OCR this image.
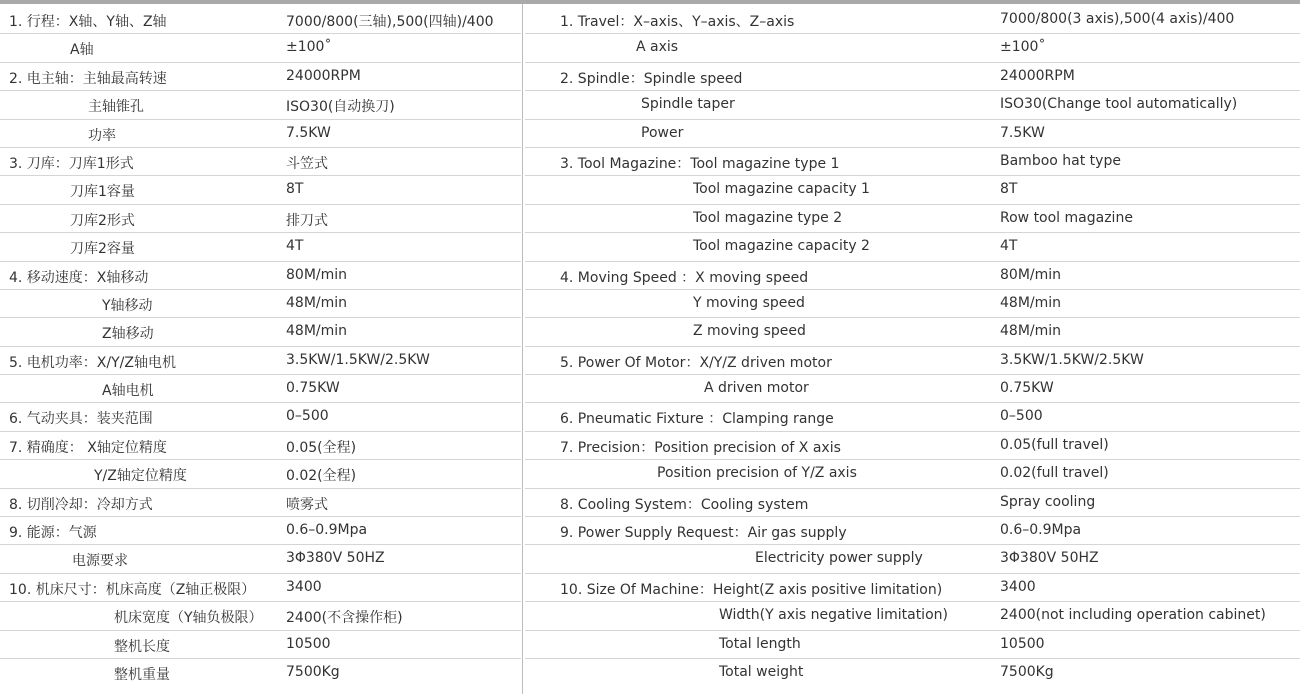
1. 行程：X轴、Y轴、Z轴	7000/800(三轴),500(四轴)/400
A轴	±100˚
2. 电主轴：主轴最高转速	24000RPM
主轴锥孔	ISO30(自动换刀)
功率	7.5KW
3. 刀库：刀库1形式	斗笠式
刀库1容量	8T
刀库2形式	排刀式
刀库2容量	4T
4. 移动速度：X轴移动	80M/min
Y轴移动	48M/min
Z轴移动	48M/min
5. 电机功率：X/Y/Z轴电机	3.5KW/1.5KW/2.5KW
A轴电机	0.75KW
6. 气动夹具：装夹范围	0–500
7. 精确度： X轴定位精度	0.05(全程)
Y/Z轴定位精度	0.02(全程)
8. 切削冷却：冷却方式	喷雾式
9. 能源：气源	0.6–0.9Mpa
电源要求	3Φ380V 50HZ
10. 机床尺寸：机床高度（Z轴正极限） 3400
机床宽度（Y轴负极限） 2400(不含操作柜)
整机长度	10500
整机重量	7500Kg
1. Travel：X–axis、Y–axis、Z–axis	7000/800(3 axis),500(4 axis)/400
A axis	±100˚
2. Spindle：Spindle speed	24000RPM
Spindle taper	ISO30(Change tool automatically)
Power	7.5KW
3. Tool Magazine：Tool magazine type 1	Bamboo hat type
Tool magazine capacity 1	8T
Tool magazine type 2	Row tool magazine
Tool magazine capacity 2	4T
4. Moving Speed ：X moving speed	80M/min
Y moving speed	48M/min
Z moving speed	48M/min
5. Power Of Motor：X/Y/Z driven motor	3.5KW/1.5KW/2.5KW
A driven motor	0.75KW
6. Pneumatic Fixture ：Clamping range	0–500
7. Precision：Position precision of X axis	0.05(full travel)
Position precision of Y/Z axis	0.02(full travel)
8. Cooling System：Cooling system	Spray cooling
9. Power Supply Request：Air gas supply	0.6–0.9Mpa
Electricity power supply	3Φ380V 50HZ
10. Size Of Machine：Height(Z axis positive limitation)	3400
Width(Y axis negative limitation)	2400(not including operation cabinet)
Total length	10500
Total weight	7500Kg
